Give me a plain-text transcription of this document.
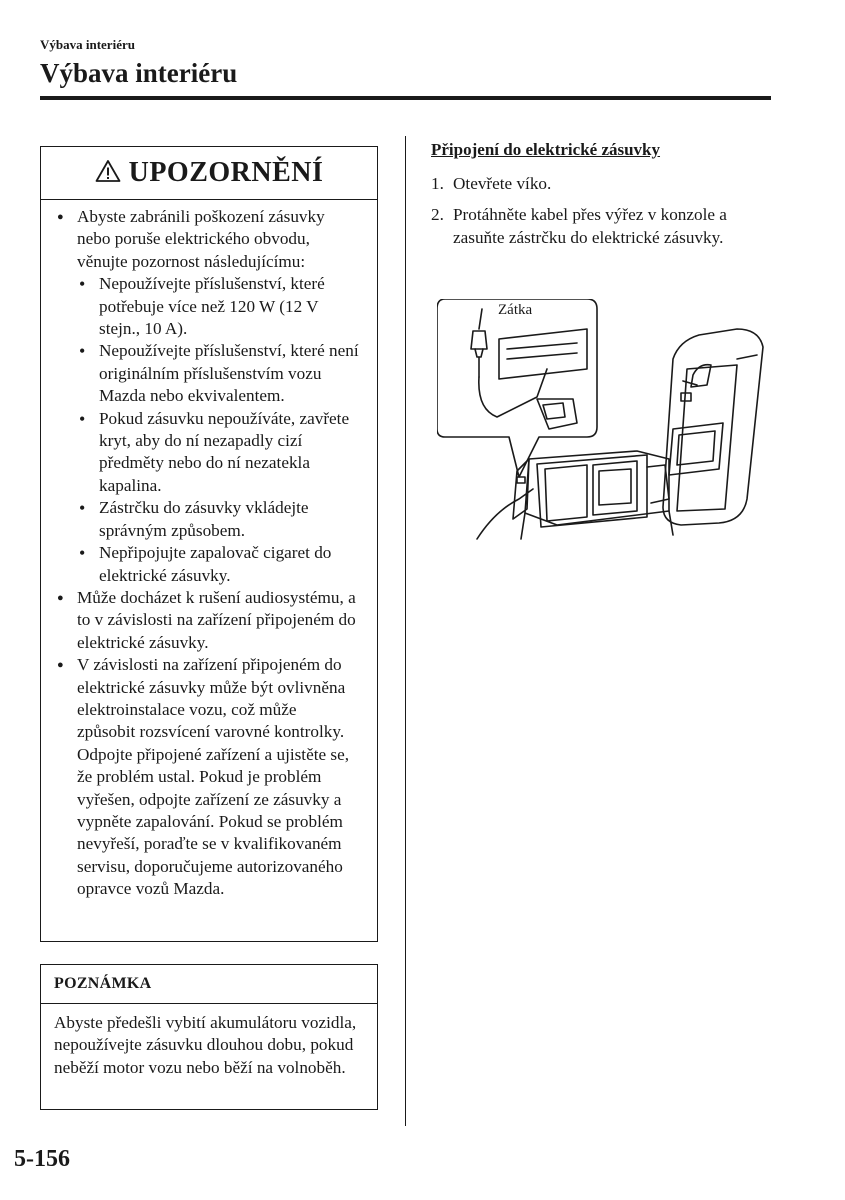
Výbava interiéru
Výbava interiéru
UPOZORNĚNÍ
● Abyste zabránili poškození zásuvky nebo poruše elektrického obvodu, věnujte pozornost následujícímu:
• Nepoužívejte příslušenství, které potřebuje více než 120 W (12 V stejn., 10 A).
• Nepoužívejte příslušenství, které není originálním příslušenstvím vozu Mazda nebo ekvivalentem.
• Pokud zásuvku nepoužíváte, zavřete kryt, aby do ní nezapadly cizí předměty nebo do ní nezatekla kapalina.
• Zástrčku do zásuvky vkládejte správným způsobem.
• Nepřipojujte zapalovač cigaret do elektrické zásuvky.
● Může docházet k rušení audiosystému, a to v závislosti na zařízení připojeném do elektrické zásuvky.
● V závislosti na zařízení připojeném do elektrické zásuvky může být ovlivněna elektroinstalace vozu, což může způsobit rozsvícení varovné kontrolky. Odpojte připojené zařízení a ujistěte se, že problém ustal. Pokud je problém vyřešen, odpojte zařízení ze zásuvky a vypněte zapalování. Pokud se problém nevyřeší, poraďte se v kvalifikovaném servisu, doporučujeme autorizovaného opravce vozů Mazda.
POZNÁMKA
Abyste předešli vybití akumulátoru vozidla, nepoužívejte zásuvku dlouhou dobu, pokud neběží motor vozu nebo běží na volnoběh.
Připojení do elektrické zásuvky
1. Otevřete víko.
2. Protáhněte kabel přes výřez v konzole a zasuňte zástrčku do elektrické zásuvky.
Zátka
5-156
